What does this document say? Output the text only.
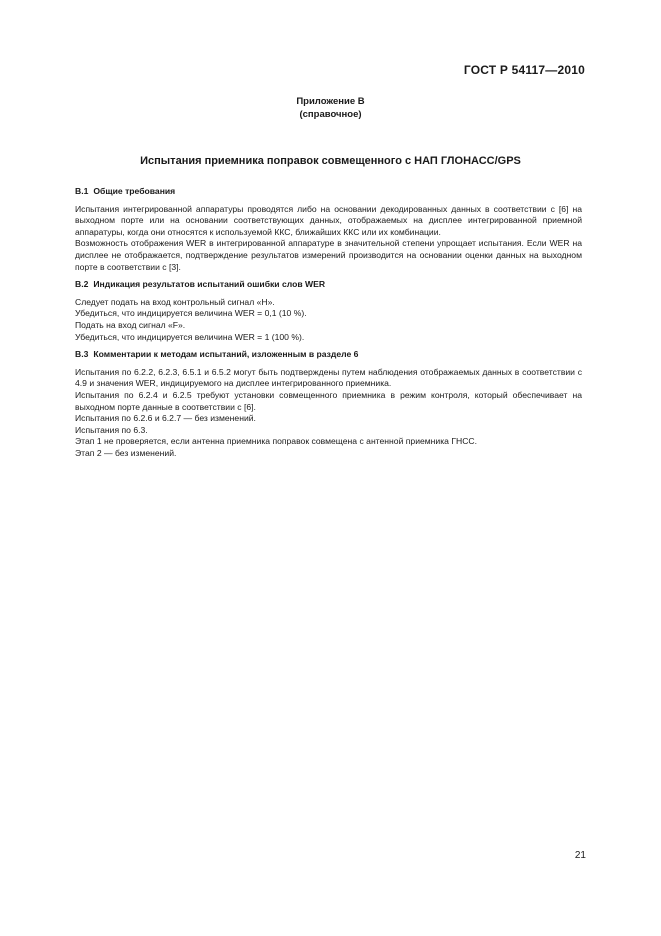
ГОСТ Р 54117—2010
Приложение В
(справочное)
Испытания приемника поправок совмещенного с НАП ГЛОНАСС/GPS

В.1 Общие требования

Испытания интегрированной аппаратуры проводятся либо на основании декодированных данных в соответствии с [6] на выходном порте или на основании соответствующих данных, отображаемых на дисплее интегрированной приемной аппаратуры, когда они относятся к используемой ККС, ближайших ККС или их комбинации.

Возможность отображения WER в интегрированной аппаратуре в значительной степени упрощает испытания. Если WER на дисплее не отображается, подтверждение результатов измерений производится на основании оценки данных на выходном порте в соответствии с [3].

В.2 Индикация результатов испытаний ошибки слов WER

Следует подать на вход контрольный сигнал «Н».

Убедиться, что индицируется величина WER = 0,1 (10 %).

Подать на вход сигнал «F».

Убедиться, что индицируется величина WER = 1 (100 %).

В.3 Комментарии к методам испытаний, изложенным в разделе 6

Испытания по 6.2.2, 6.2.3, 6.5.1 и 6.5.2 могут быть подтверждены путем наблюдения отображаемых данных в соответствии с 4.9 и значения WER, индицируемого на дисплее интегрированного приемника.

Испытания по 6.2.4 и 6.2.5 требуют установки совмещенного приемника в режим контроля, который обеспечивает на выходном порте данные в соответствии с [6].

Испытания по 6.2.6 и 6.2.7 — без изменений.

Испытания по 6.3.

Этап 1 не проверяется, если антенна приемника поправок совмещена с антенной приемника ГНСС.

Этап 2 — без изменений.

21
